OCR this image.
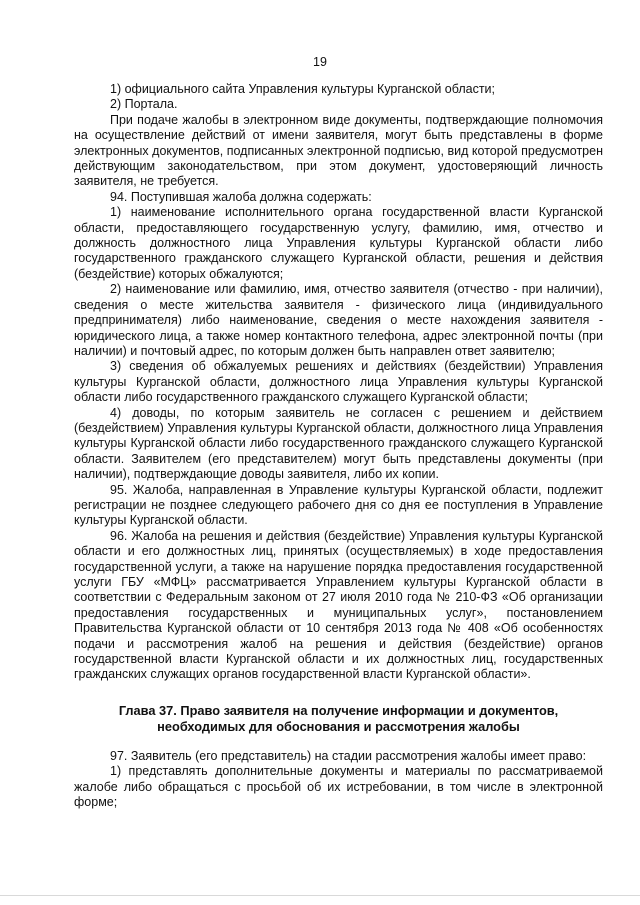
19

1) официального сайта Управления культуры Курганской области;

2) Портала.

При подаче жалобы в электронном виде документы, подтверждающие полномочия на осуществление действий от имени заявителя, могут быть представлены в форме электронных документов, подписанных электронной подписью, вид которой предусмотрен действующим законодательством, при этом документ, удостоверяющий личность заявителя, не требуется.

94. Поступившая жалоба должна содержать:

1) наименование исполнительного органа государственной власти Курганской области, предоставляющего государственную услугу, фамилию, имя, отчество и должность должностного лица Управления культуры Курганской области либо государственного гражданского служащего Курганской области, решения и действия (бездействие) которых обжалуются;

2) наименование или фамилию, имя, отчество заявителя (отчество - при наличии), сведения о месте жительства заявителя - физического лица (индивидуального предпринимателя) либо наименование, сведения о месте нахождения заявителя - юридического лица, а также номер контактного телефона, адрес электронной почты (при наличии) и почтовый адрес, по которым должен быть направлен ответ заявителю;

3) сведения об обжалуемых решениях и действиях (бездействии) Управления культуры Курганской области, должностного лица Управления культуры Курганской области либо государственного гражданского служащего Курганской области;

4) доводы, по которым заявитель не согласен с решением и действием (бездействием) Управления культуры Курганской области, должностного лица Управления культуры Курганской области либо государственного гражданского служащего Курганской области. Заявителем (его представителем) могут быть представлены документы (при наличии), подтверждающие доводы заявителя, либо их копии.

95. Жалоба, направленная в Управление культуры Курганской области, подлежит регистрации не позднее следующего рабочего дня со дня ее поступления в Управление культуры Курганской области.

96. Жалоба на решения и действия (бездействие) Управления культуры Курганской области и его должностных лиц, принятых (осуществляемых) в ходе предоставления государственной услуги, а также на нарушение порядка предоставления государственной услуги ГБУ «МФЦ» рассматривается Управлением культуры Курганской области в соответствии с Федеральным законом от 27 июля 2010 года № 210-ФЗ «Об организации предоставления государственных и муниципальных услуг», постановлением Правительства Курганской области от 10 сентября 2013 года № 408 «Об особенностях подачи и рассмотрения жалоб на решения и действия (бездействие) органов государственной власти Курганской области и их должностных лиц, государственных гражданских служащих органов государственной власти Курганской области».

Глава 37. Право заявителя на получение информации и документов,
необходимых для обоснования и рассмотрения жалобы

97. Заявитель (его представитель) на стадии рассмотрения жалобы имеет право:

1) представлять дополнительные документы и материалы по рассматриваемой жалобе либо обращаться с просьбой об их истребовании, в том числе в электронной форме;
